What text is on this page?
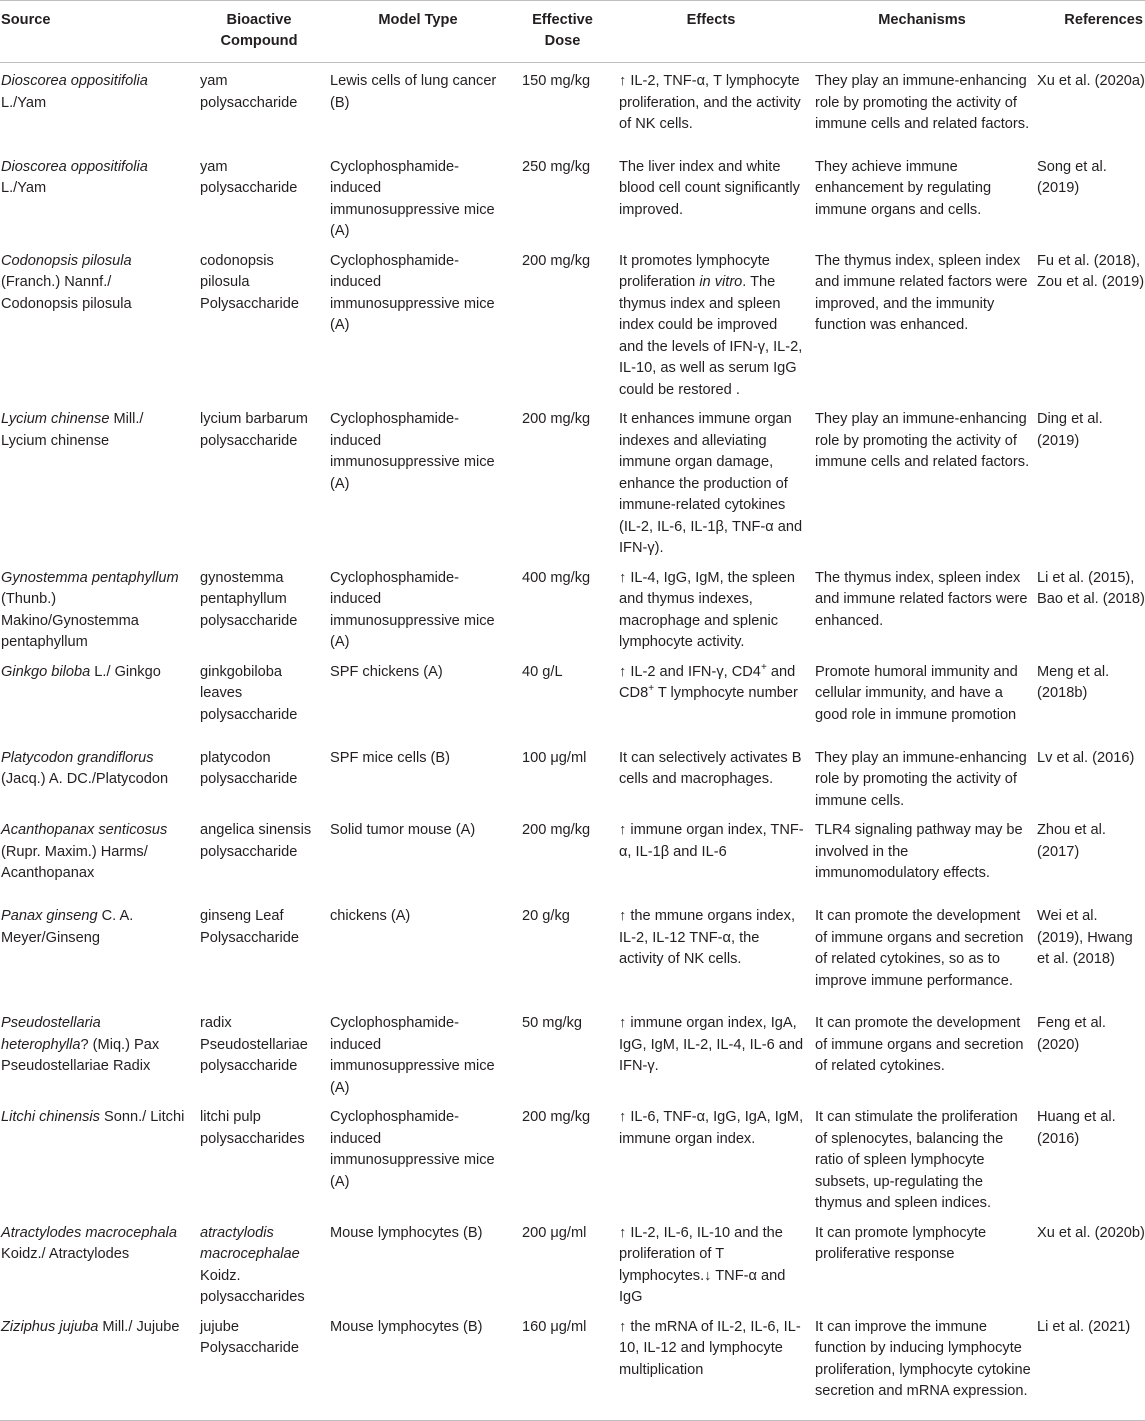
Source	Bioactive Compound	Model Type	Effective Dose	Effects	Mechanisms	References
Dioscorea oppositifolia L./Yam	yam polysaccharide	Lewis cells of lung cancer (B)	150 mg/kg	↑ IL-2, TNF-α, T lymphocyte proliferation, and the activity of NK cells.	They play an immune-enhancing role by promoting the activity of immune cells and related factors.	Xu et al. (2020a)
Dioscorea oppositifolia L./Yam	yam polysaccharide	Cyclophosphamide-induced immunosuppressive mice (A)	250 mg/kg	The liver index and white blood cell count significantly improved.	They achieve immune enhancement by regulating immune organs and cells.	Song et al. (2019)
Codonopsis pilosula (Franch.) Nannf./ Codonopsis pilosula	codonopsis pilosula Polysaccharide	Cyclophosphamide-induced immunosuppressive mice (A)	200 mg/kg	It promotes lymphocyte proliferation in vitro. The thymus index and spleen index could be improved and the levels of IFN-γ, IL-2, IL-10, as well as serum IgG could be restored .	The thymus index, spleen index and immune related factors were improved, and the immunity function was enhanced.	Fu et al. (2018), Zou et al. (2019)
Lycium chinense Mill./ Lycium chinense	lycium barbarum polysaccharide	Cyclophosphamide-induced immunosuppressive mice (A)	200 mg/kg	It enhances immune organ indexes and alleviating immune organ damage, enhance the production of immune-related cytokines (IL-2, IL-6, IL-1β, TNF-α and IFN-γ).	They play an immune-enhancing role by promoting the activity of immune cells and related factors.	Ding et al. (2019)
Gynostemma pentaphyllum (Thunb.) Makino/Gynostemma pentaphyllum	gynostemma pentaphyllum polysaccharide	Cyclophosphamide-induced immunosuppressive mice (A)	400 mg/kg	↑ IL-4, IgG, IgM, the spleen and thymus indexes, macrophage and splenic lymphocyte activity.	The thymus index, spleen index and immune related factors were enhanced.	Li et al. (2015), Bao et al. (2018)
Ginkgo biloba L./ Ginkgo	ginkgobiloba leaves polysaccharide	SPF chickens (A)	40 g/L	↑ IL-2 and IFN-γ, CD4+ and CD8+ T lymphocyte number	Promote humoral immunity and cellular immunity, and have a good role in immune promotion	Meng et al. (2018b)
Platycodon grandiflorus (Jacq.) A. DC./Platycodon	platycodon polysaccharide	SPF mice cells (B)	100 μg/ml	It can selectively activates B cells and macrophages.	They play an immune-enhancing role by promoting the activity of immune cells.	Lv et al. (2016)
Acanthopanax senticosus (Rupr. Maxim.) Harms/ Acanthopanax	angelica sinensis polysaccharide	Solid tumor mouse (A)	200 mg/kg	↑ immune organ index, TNF-α, IL-1β and IL-6	TLR4 signaling pathway may be involved in the immunomodulatory effects.	Zhou et al. (2017)
Panax ginseng C. A. Meyer/Ginseng	ginseng Leaf Polysaccharide	chickens (A)	20 g/kg	↑ the mmune organs index, IL-2, IL-12 TNF-α, the activity of NK cells.	It can promote the development of immune organs and secretion of related cytokines, so as to improve immune performance.	Wei et al. (2019), Hwang et al. (2018)
Pseudostellaria heterophylla? (Miq.) Pax Pseudostellariae Radix	radix Pseudostellariae polysaccharide	Cyclophosphamide-induced immunosuppressive mice (A)	50 mg/kg	↑ immune organ index, IgA, IgG, IgM, IL-2, IL-4, IL-6 and IFN-γ.	It can promote the development of immune organs and secretion of related cytokines.	Feng et al. (2020)
Litchi chinensis Sonn./ Litchi	litchi pulp polysaccharides	Cyclophosphamide-induced immunosuppressive mice (A)	200 mg/kg	↑ IL-6, TNF-α, IgG, IgA, IgM, immune organ index.	It can stimulate the proliferation of splenocytes, balancing the ratio of spleen lymphocyte subsets, up-regulating the thymus and spleen indices.	Huang et al. (2016)
Atractylodes macrocephala Koidz./ Atractylodes	atractylodis macrocephalae Koidz. polysaccharides	Mouse lymphocytes (B)	200 μg/ml	↑ IL-2, IL-6, IL-10 and the proliferation of T lymphocytes.↓ TNF-α and IgG	It can promote lymphocyte proliferative response	Xu et al. (2020b)
Ziziphus jujuba Mill./ Jujube	jujube Polysaccharide	Mouse lymphocytes (B)	160 μg/ml	↑ the mRNA of IL-2, IL-6, IL-10, IL-12 and lymphocyte multiplication	It can improve the immune function by inducing lymphocyte proliferation, lymphocyte cytokine secretion and mRNA expression.	Li et al. (2021)
